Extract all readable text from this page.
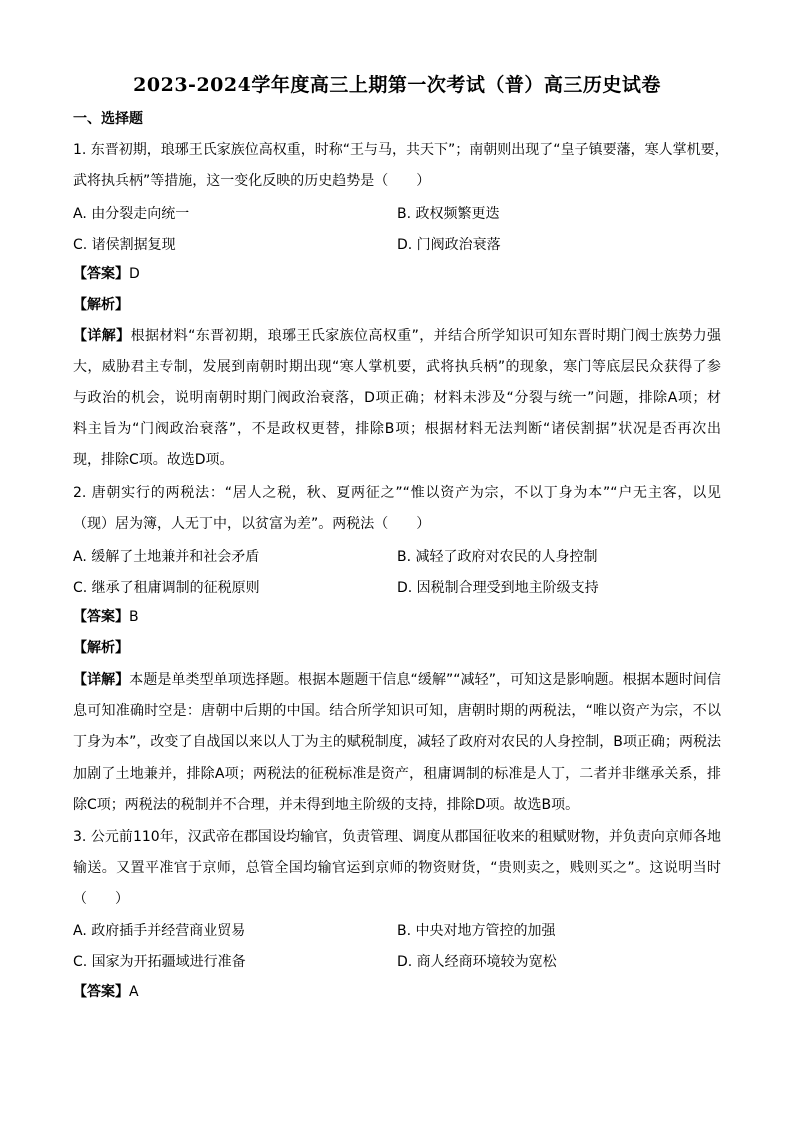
2023-2024学年度高三上期第一次考试（普）高三历史试卷
一、选择题
1. 东晋初期，琅琊王氏家族位高权重，时称“王与马，共天下”；南朝则出现了“皇子镇要藩，寒人掌机要，
武将执兵柄”等措施，这一变化反映的历史趋势是（　　）
A. 由分裂走向统一	B. 政权频繁更迭
C. 诸侯割据复现	D. 门阀政治衰落
【答案】D
【解析】
【详解】根据材料“东晋初期，琅琊王氏家族位高权重”，并结合所学知识可知东晋时期门阀士族势力强
大，威胁君主专制，发展到南朝时期出现“寒人掌机要，武将执兵柄”的现象，寒门等底层民众获得了参
与政治的机会，说明南朝时期门阀政治衰落，D项正确；材料未涉及“分裂与统一”问题，排除A项；材
料主旨为“门阀政治衰落”，不是政权更替，排除B项；根据材料无法判断“诸侯割据”状况是否再次出
现，排除C项。故选D项。
2. 唐朝实行的两税法：“居人之税，秋、夏两征之”“惟以资产为宗，不以丁身为本”“户无主客，以见
（现）居为簿，人无丁中，以贫富为差”。两税法（　　）
A. 缓解了土地兼并和社会矛盾	B. 减轻了政府对农民的人身控制
C. 继承了租庸调制的征税原则	D. 因税制合理受到地主阶级支持
【答案】B
【解析】
【详解】本题是单类型单项选择题。根据本题题干信息“缓解”“减轻”，可知这是影响题。根据本题时间信
息可知准确时空是：唐朝中后期的中国。结合所学知识可知，唐朝时期的两税法，“唯以资产为宗，不以
丁身为本”，改变了自战国以来以人丁为主的赋税制度，减轻了政府对农民的人身控制，B项正确；两税法
加剧了土地兼并，排除A项；两税法的征税标准是资产，租庸调制的标准是人丁，二者并非继承关系，排
除C项；两税法的税制并不合理，并未得到地主阶级的支持，排除D项。故选B项。
3. 公元前110年，汉武帝在郡国设均输官，负责管理、调度从郡国征收来的租赋财物，并负责向京师各地
输送。又置平准官于京师，总管全国均输官运到京师的物资财货，“贵则卖之，贱则买之”。这说明当时
（　　）
A. 政府插手并经营商业贸易	B. 中央对地方管控的加强
C. 国家为开拓疆域进行准备	D. 商人经商环境较为宽松
【答案】A
